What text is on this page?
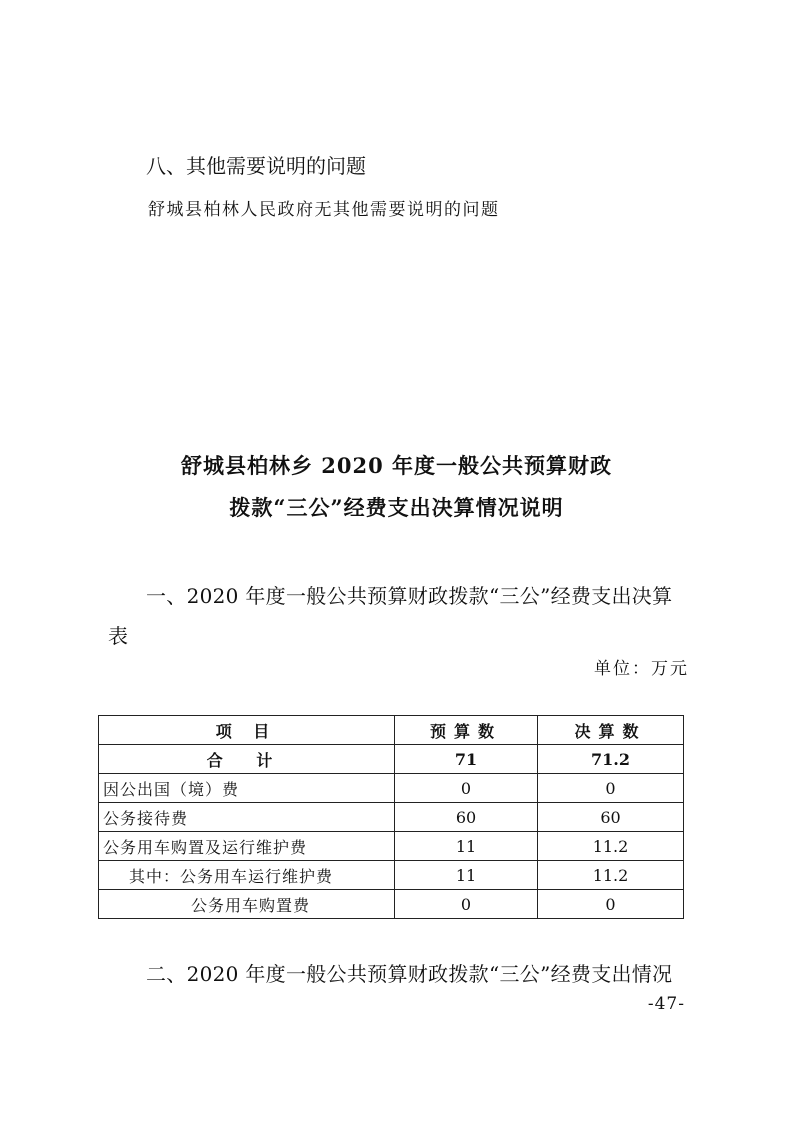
八、其他需要说明的问题
舒城县柏林人民政府无其他需要说明的问题
舒城县柏林乡 2020 年度一般公共预算财政
拨款“三公”经费支出决算情况说明
一、2020 年度一般公共预算财政拨款“三公”经费支出决算
表
单位：万元
项 目	预算数	决算数
合 计	71	71.2
因公出国（境）费	0	0
公务接待费	60	60
公务用车购置及运行维护费	11	11.2
其中：公务用车运行维护费	11	11.2
公务用车购置费	0	0
二、2020 年度一般公共预算财政拨款“三公”经费支出情况
-47-
